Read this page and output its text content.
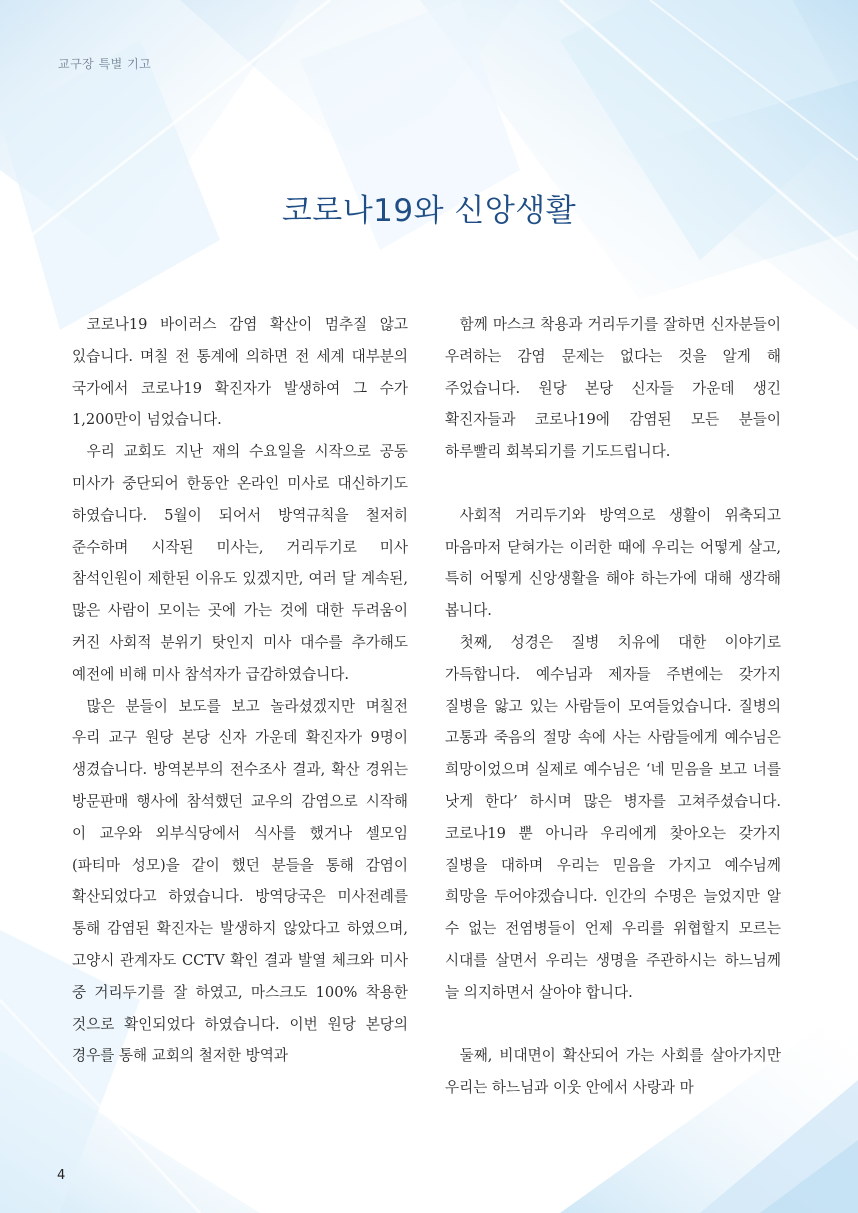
교구장 특별 기고
코로나19와 신앙생활

코로나19 바이러스 감염 확산이 멈추질 않고 있습니다. 며칠 전 통계에 의하면 전 세계 대부분의 국가에서 코로나19 확진자가 발생하여 그 수가 1,200만이 넘었습니다.

우리 교회도 지난 재의 수요일을 시작으로 공동 미사가 중단되어 한동안 온라인 미사로 대신하기도 하였습니다. 5월이 되어서 방역규칙을 철저히 준수하며 시작된 미사는, 거리두기로 미사 참석인원이 제한된 이유도 있겠지만, 여러 달 계속된, 많은 사람이 모이는 곳에 가는 것에 대한 두려움이 커진 사회적 분위기 탓인지 미사 대수를 추가해도 예전에 비해 미사 참석자가 급감하였습니다.

많은 분들이 보도를 보고 놀라셨겠지만 며칠전 우리 교구 원당 본당 신자 가운데 확진자가 9명이 생겼습니다. 방역본부의 전수조사 결과, 확산 경위는 방문판매 행사에 참석했던 교우의 감염으로 시작해 이 교우와 외부식당에서 식사를 했거나 셀모임(파티마 성모)을 같이 했던 분들을 통해 감염이 확산되었다고 하였습니다. 방역당국은 미사전례를 통해 감염된 확진자는 발생하지 않았다고 하였으며, 고양시 관계자도 CCTV 확인 결과 발열 체크와 미사 중 거리두기를 잘 하였고, 마스크도 100% 착용한 것으로 확인되었다 하였습니다. 이번 원당 본당의 경우를 통해 교회의 철저한 방역과

함께 마스크 착용과 거리두기를 잘하면 신자분들이 우려하는 감염 문제는 없다는 것을 알게 해 주었습니다. 원당 본당 신자들 가운데 생긴 확진자들과 코로나19에 감염된 모든 분들이 하루빨리 회복되기를 기도드립니다.

사회적 거리두기와 방역으로 생활이 위축되고 마음마저 닫혀가는 이러한 때에 우리는 어떻게 살고, 특히 어떻게 신앙생활을 해야 하는가에 대해 생각해 봅니다.

첫째, 성경은 질병 치유에 대한 이야기로 가득합니다. 예수님과 제자들 주변에는 갖가지 질병을 앓고 있는 사람들이 모여들었습니다. 질병의 고통과 죽음의 절망 속에 사는 사람들에게 예수님은 희망이었으며 실제로 예수님은 ‘네 믿음을 보고 너를 낫게 한다’ 하시며 많은 병자를 고쳐주셨습니다. 코로나19 뿐 아니라 우리에게 찾아오는 갖가지 질병을 대하며 우리는 믿음을 가지고 예수님께 희망을 두어야겠습니다. 인간의 수명은 늘었지만 알 수 없는 전염병들이 언제 우리를 위협할지 모르는 시대를 살면서 우리는 생명을 주관하시는 하느님께 늘 의지하면서 살아야 합니다.

둘째, 비대면이 확산되어 가는 사회를 살아가지만 우리는 하느님과 이웃 안에서 사랑과 마

4
